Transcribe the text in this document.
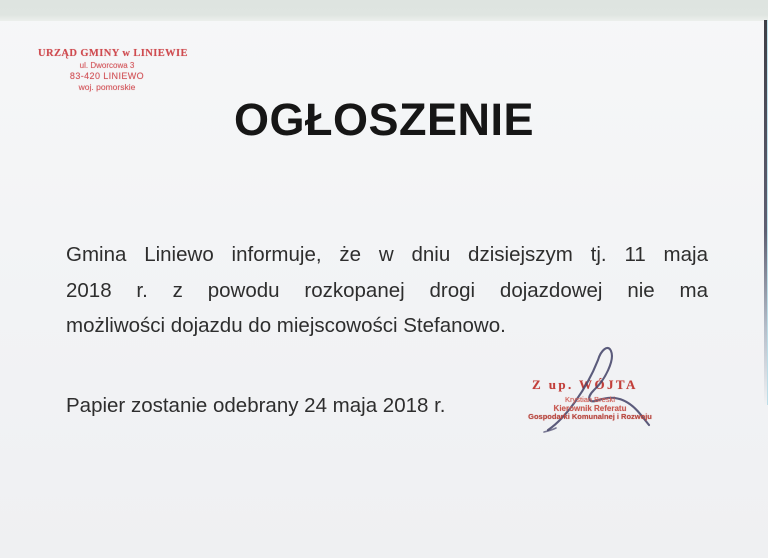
URZĄD GMINY w LINIEWIE
ul. Dworcowa 3
83-420 LINIEWO
woj. pomorskie
OGŁOSZENIE
Gmina Liniewo informuje, że w dniu dzisiejszym tj. 11 maja
2018 r. z powodu rozkopanej drogi dojazdowej nie ma
możliwości dojazdu do miejscowości Stefanowo.
Papier zostanie odebrany 24 maja 2018 r.
Z up. WÓJTA
Krystian Breski
Kierownik Referatu
Gospodarki Komunalnej i Rozwoju
